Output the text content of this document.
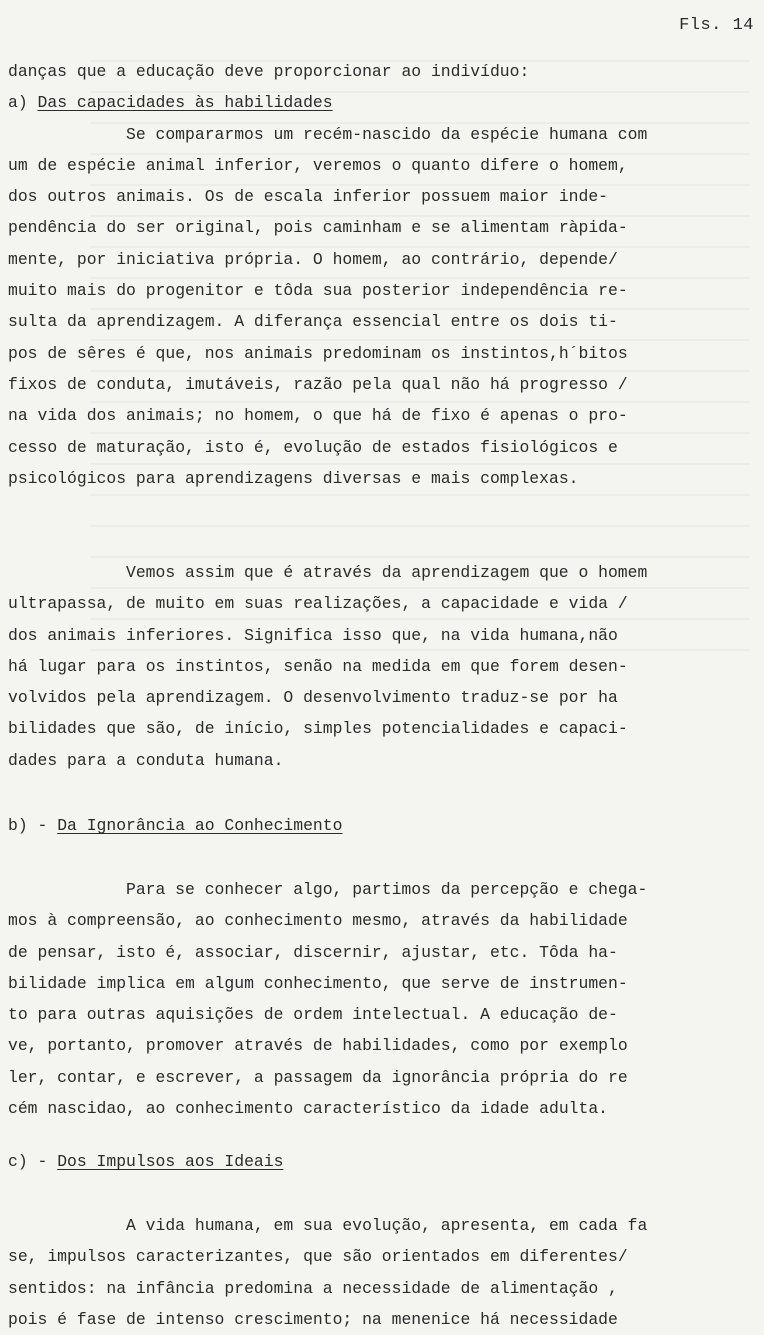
Fls. 14
danças que a educação deve proporcionar ao indivíduo:
a) Das capacidades às habilidades
Se compararmos um recém-nascido da espécie humana com
um de espécie animal inferior, veremos o quanto difere o homem,
dos outros animais. Os de escala inferior possuem maior inde-
pendência do ser original, pois caminham e se alimentam ràpida-
mente, por iniciativa própria. O homem, ao contrário, depende/
muito mais do progenitor e tôda sua posterior independência re-
sulta da aprendizagem. A diferança essencial entre os dois ti-
pos de sêres é que, nos animais predominam os instintos,h´bitos
fixos de conduta, imutáveis, razão pela qual não há progresso /
na vida dos animais; no homem, o que há de fixo é apenas o pro-
cesso de maturação, isto é, evolução de estados fisiológicos e
psicológicos para aprendizagens diversas e mais complexas.
Vemos assim que é através da aprendizagem que o homem
ultrapassa, de muito em suas realizações, a capacidade e vida /
dos animais inferiores. Significa isso que, na vida humana,não
há lugar para os instintos, senão na medida em que forem desen-
volvidos pela aprendizagem. O desenvolvimento traduz-se por ha
bilidades que são, de início, simples potencialidades e capaci-
dades para a conduta humana.
b) - Da Ignorância ao Conhecimento
Para se conhecer algo, partimos da percepção e chega-
mos à compreensão, ao conhecimento mesmo, através da habilidade
de pensar, isto é, associar, discernir, ajustar, etc. Tôda ha-
bilidade implica em algum conhecimento, que serve de instrumen-
to para outras aquisições de ordem intelectual. A educação de-
ve, portanto, promover através de habilidades, como por exemplo
ler, contar, e escrever, a passagem da ignorância própria do re
cém nascidao, ao conhecimento característico da idade adulta.
c) - Dos Impulsos aos Ideais
A vida humana, em sua evolução, apresenta, em cada fa
se, impulsos caracterizantes, que são orientados em diferentes/
sentidos: na infância predomina a necessidade de alimentação ,
pois é fase de intenso crescimento; na menenice há necessidade
